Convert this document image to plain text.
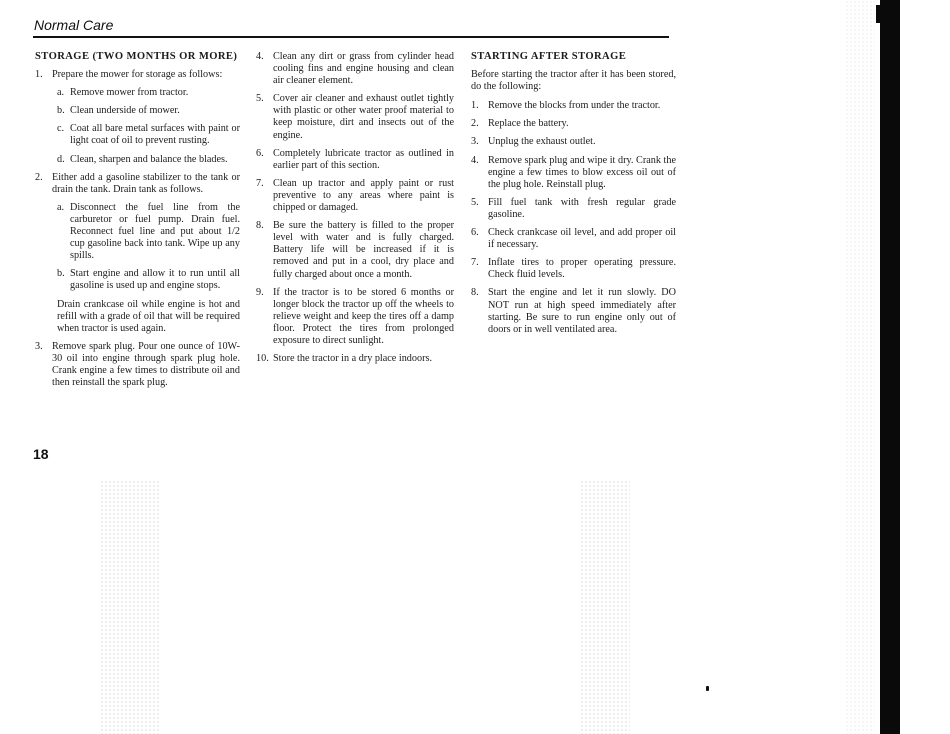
Normal Care
STORAGE (TWO MONTHS OR MORE)
1. Prepare the mower for storage as follows:
a. Remove mower from tractor.
b. Clean underside of mower.
c. Coat all bare metal surfaces with paint or light coat of oil to prevent rusting.
d. Clean, sharpen and balance the blades.
2. Either add a gasoline stabilizer to the tank or drain the tank. Drain tank as follows.
a. Disconnect the fuel line from the carburetor or fuel pump. Drain fuel. Reconnect fuel line and put about 1/2 cup gasoline back into tank. Wipe up any spills.
b. Start engine and allow it to run until all gasoline is used up and engine stops.

Drain crankcase oil while engine is hot and refill with a grade of oil that will be required when tractor is used again.

3. Remove spark plug. Pour one ounce of 10W-30 oil into engine through spark plug hole. Crank engine a few times to distribute oil and then reinstall the spark plug.
4. Clean any dirt or grass from cylinder head cooling fins and engine housing and clean air cleaner element.
5. Cover air cleaner and exhaust outlet tightly with plastic or other water proof material to keep moisture, dirt and insects out of the engine.
6. Completely lubricate tractor as outlined in earlier part of this section.
7. Clean up tractor and apply paint or rust preventive to any areas where paint is chipped or damaged.
8. Be sure the battery is filled to the proper level with water and is fully charged. Battery life will be increased if it is removed and put in a cool, dry place and fully charged about once a month.
9. If the tractor is to be stored 6 months or longer block the tractor up off the wheels to relieve weight and keep the tires off a damp floor. Protect the tires from prolonged exposure to direct sunlight.
10. Store the tractor in a dry place indoors.
STARTING AFTER STORAGE

Before starting the tractor after it has been stored, do the following:

1. Remove the blocks from under the tractor.
2. Replace the battery.
3. Unplug the exhaust outlet.
4. Remove spark plug and wipe it dry. Crank the engine a few times to blow excess oil out of the plug hole. Reinstall plug.
5. Fill fuel tank with fresh regular grade gasoline.
6. Check crankcase oil level, and add proper oil if necessary.
7. Inflate tires to proper operating pressure. Check fluid levels.
8. Start the engine and let it run slowly. DO NOT run at high speed immediately after starting. Be sure to run engine only out of doors or in well ventilated area.
18
